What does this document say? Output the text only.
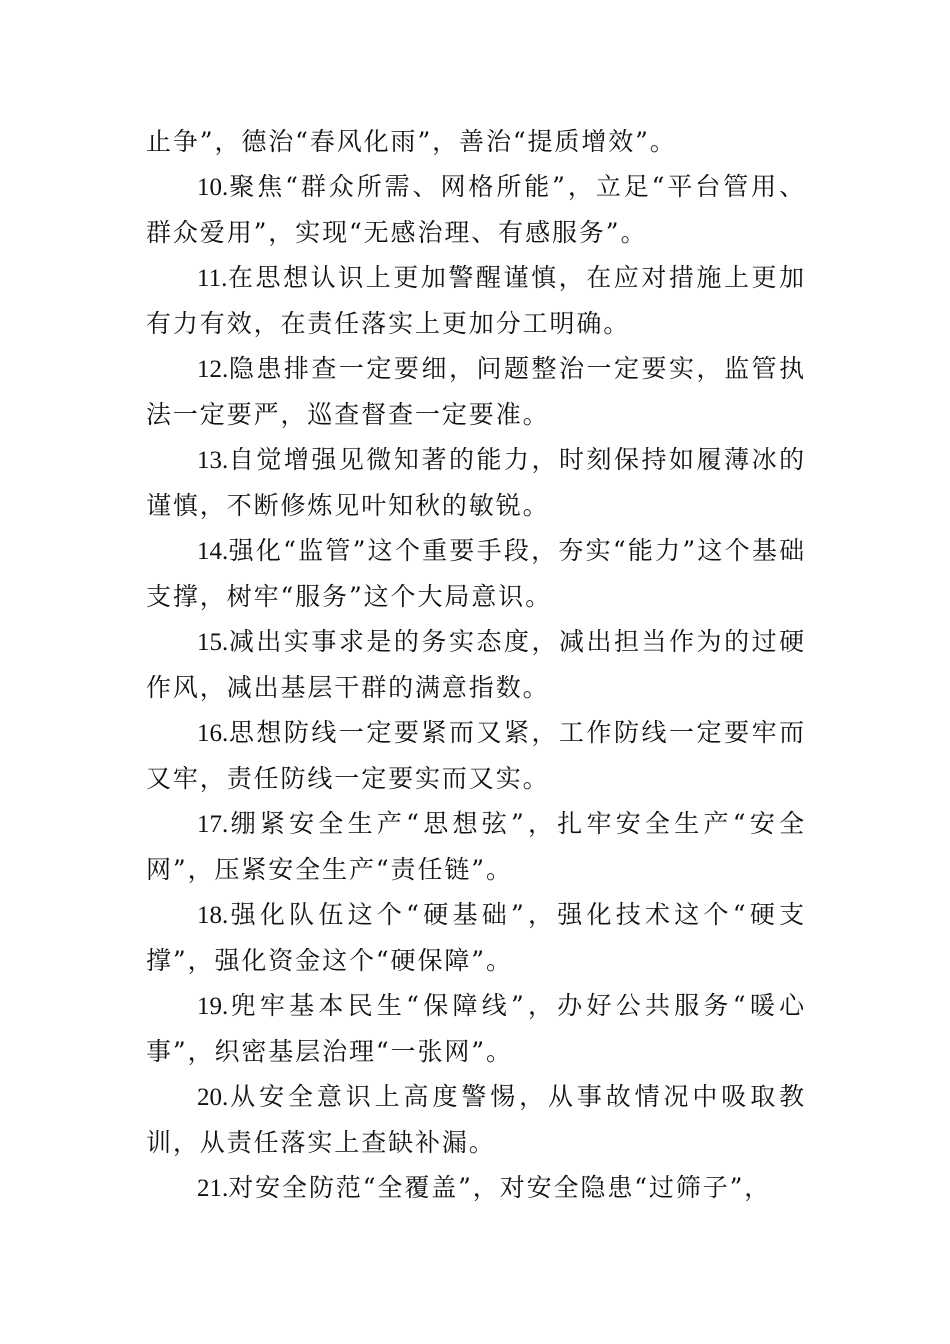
止争”，德治“春风化雨”，善治“提质增效”。

10.聚焦“群众所需、网格所能”，立足“平台管用、群众爱用”，实现“无感治理、有感服务”。

11.在思想认识上更加警醒谨慎，在应对措施上更加有力有效，在责任落实上更加分工明确。

12.隐患排查一定要细，问题整治一定要实，监管执法一定要严，巡查督查一定要准。

13.自觉增强见微知著的能力，时刻保持如履薄冰的谨慎，不断修炼见叶知秋的敏锐。

14.强化“监管”这个重要手段，夯实“能力”这个基础支撑，树牢“服务”这个大局意识。

15.减出实事求是的务实态度，减出担当作为的过硬作风，减出基层干群的满意指数。

16.思想防线一定要紧而又紧，工作防线一定要牢而又牢，责任防线一定要实而又实。

17.绷紧安全生产“思想弦”，扎牢安全生产“安全网”，压紧安全生产“责任链”。

18.强化队伍这个“硬基础”，强化技术这个“硬支撑”，强化资金这个“硬保障”。

19.兜牢基本民生“保障线”，办好公共服务“暖心事”，织密基层治理“一张网”。

20.从安全意识上高度警惕，从事故情况中吸取教训，从责任落实上查缺补漏。

21.对安全防范“全覆盖”，对安全隐患“过筛子”，
